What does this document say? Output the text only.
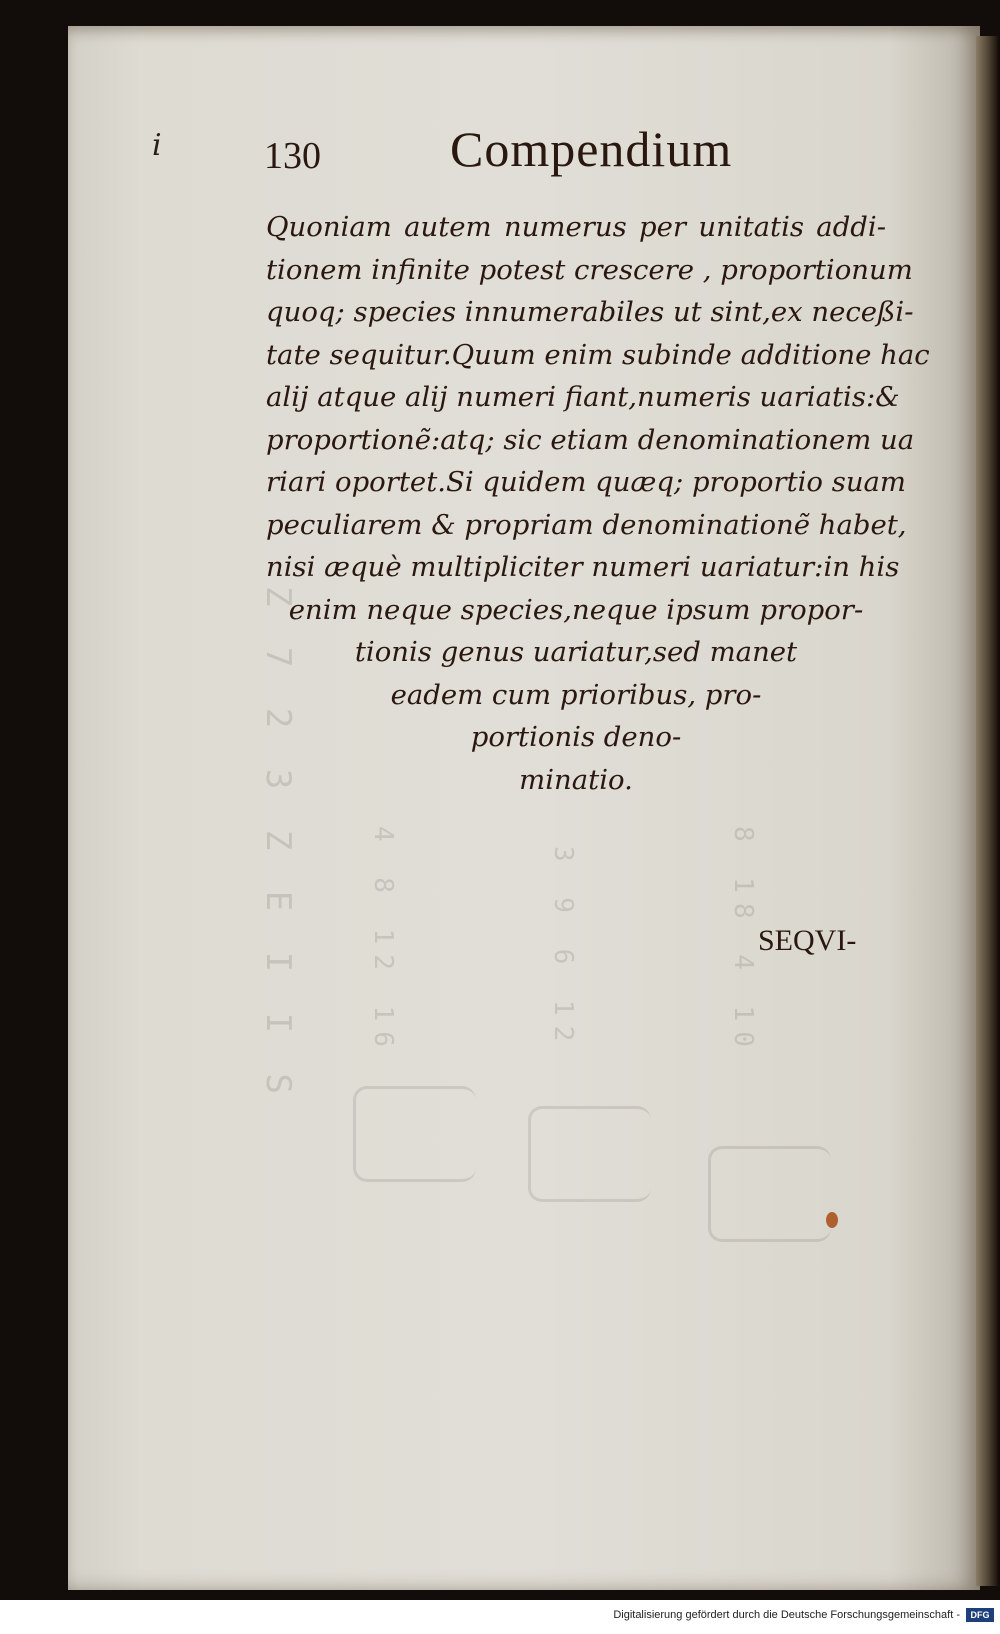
Z 7 2 3 Z E I I S	4 8 12 16	3 9 6 12	8 18 4 10
i	130	Compendium
Quoniam autem numerus per unitatis addi-
tionem infinite potest crescere , proportionum
quoq; species innumerabiles ut sint,ex neceßi-
tate sequitur.Quum enim subinde additione hac
alij atque alij numeri fiant,numeris uariatis:&
proportionẽ:atq; sic etiam denominationem ua
riari oportet.Si quidem quæq; proportio suam
peculiarem & propriam denominationẽ habet,
nisi æquè multipliciter numeri uariatur:in his
enim neque species,neque ipsum propor-
tionis genus uariatur,sed manet
eadem cum prioribus, pro-
portionis deno-
minatio.
SEQVI-
Digitalisierung gefördert durch die Deutsche Forschungsgemeinschaft -	DFG
